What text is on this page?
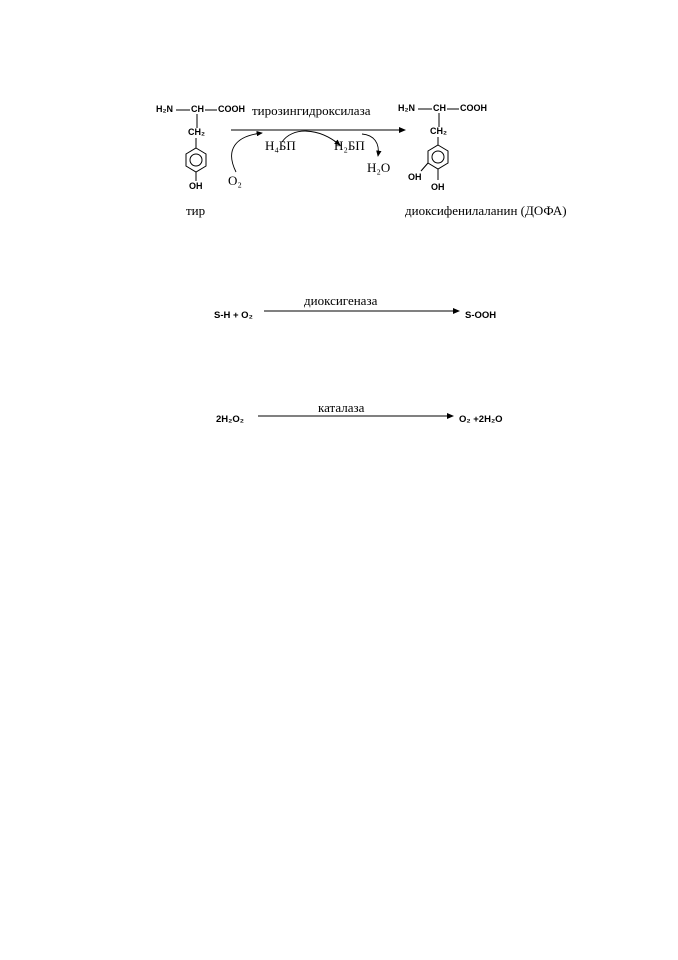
H₂N CH COOH
CH₂
OH
тир
тирозингидроксилаза
H₄БП	H₂БП
O₂
H₂O
H₂N CH COOH
CH₂
OH
OH
диоксифенилаланин (ДОФА)
S-H + O₂
диоксигеназа
S-OOH
2H₂O₂
каталаза
O₂ +2H₂O
